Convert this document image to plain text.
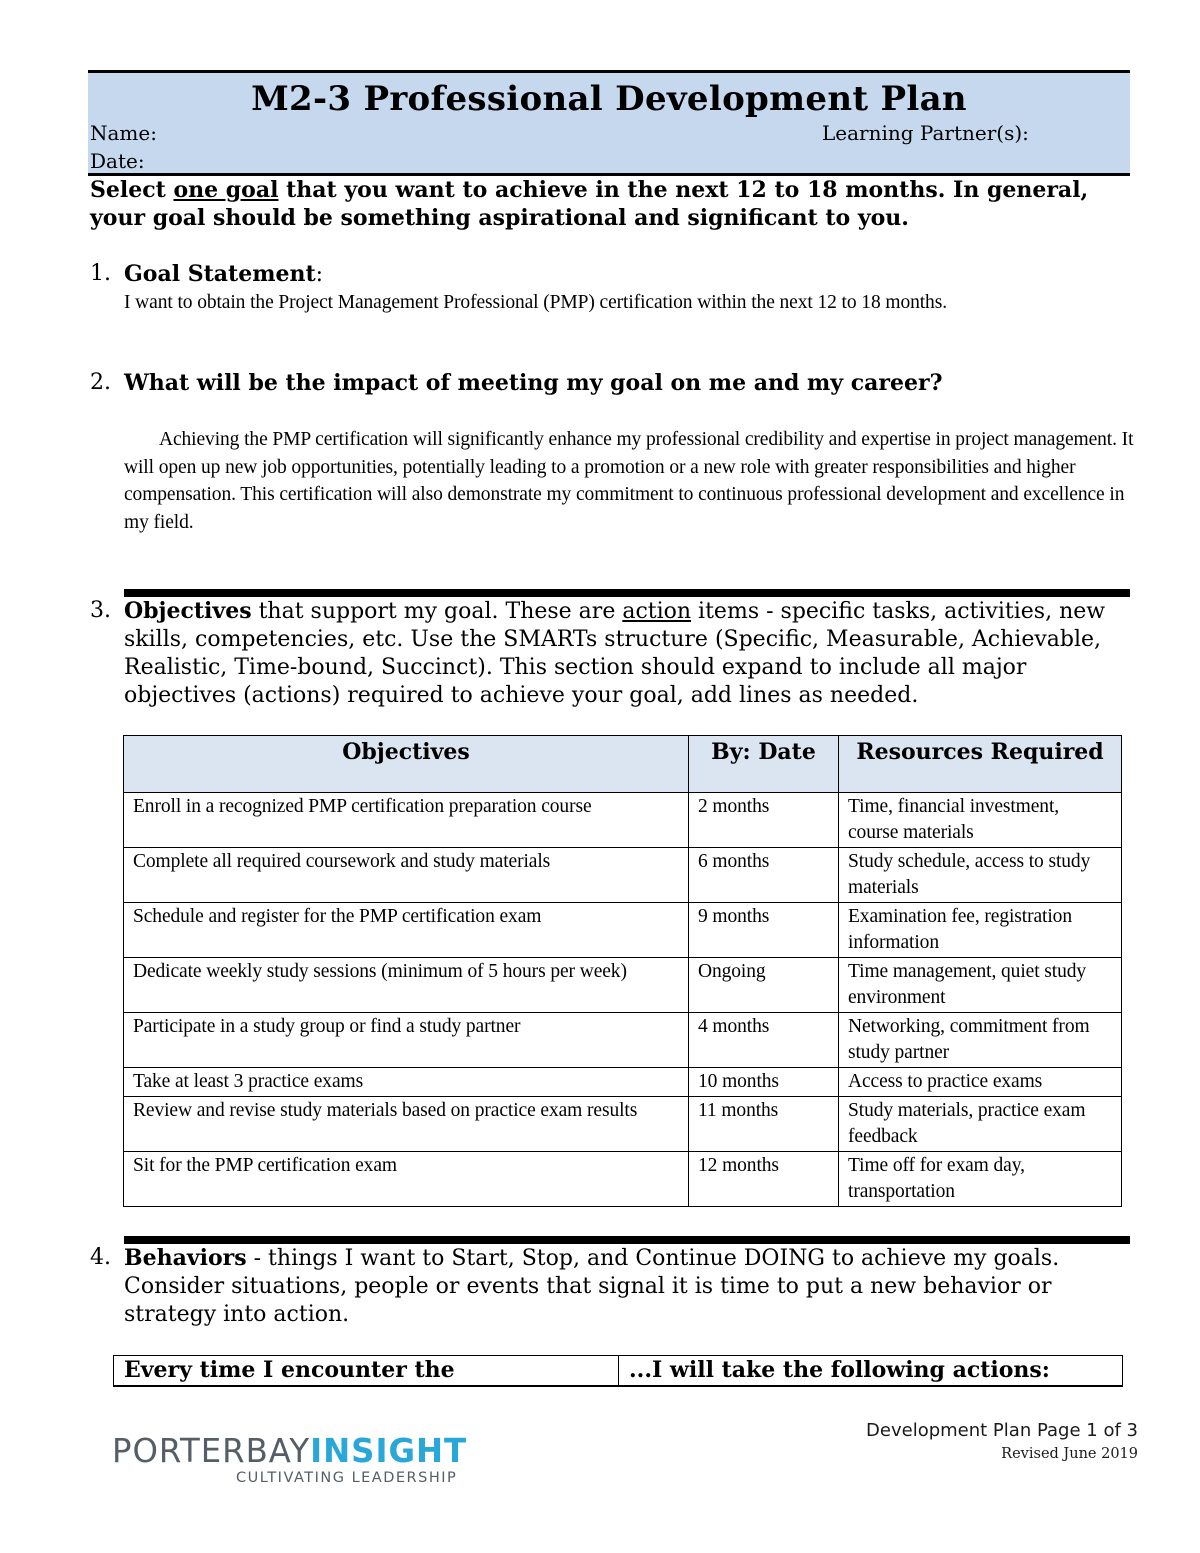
M2-3 Professional Development Plan
Name:	Learning Partner(s):
Date:
Select one goal that you want to achieve in the next 12 to 18 months. In general, your goal should be something aspirational and significant to you.
1. Goal Statement:
I want to obtain the Project Management Professional (PMP) certification within the next 12 to 18 months.
2. What will be the impact of meeting my goal on me and my career?
Achieving the PMP certification will significantly enhance my professional credibility and expertise in project management. It will open up new job opportunities, potentially leading to a promotion or a new role with greater responsibilities and higher compensation. This certification will also demonstrate my commitment to continuous professional development and excellence in my field.
3. Objectives that support my goal. These are action items - specific tasks, activities, new skills, competencies, etc. Use the SMARTs structure (Specific, Measurable, Achievable, Realistic, Time-bound, Succinct). This section should expand to include all major objectives (actions) required to achieve your goal, add lines as needed.
Objectives	By: Date	Resources Required
Enroll in a recognized PMP certification preparation course	2 months	Time, financial investment, course materials
Complete all required coursework and study materials	6 months	Study schedule, access to study materials
Schedule and register for the PMP certification exam	9 months	Examination fee, registration information
Dedicate weekly study sessions (minimum of 5 hours per week)	Ongoing	Time management, quiet study environment
Participate in a study group or find a study partner	4 months	Networking, commitment from study partner
Take at least 3 practice exams	10 months	Access to practice exams
Review and revise study materials based on practice exam results	11 months	Study materials, practice exam feedback
Sit for the PMP certification exam	12 months	Time off for exam day, transportation
4. Behaviors - things I want to Start, Stop, and Continue DOING to achieve my goals. Consider situations, people or events that signal it is time to put a new behavior or strategy into action.
Every time I encounter the	...I will take the following actions:
PORTERBAYINSIGHT
CULTIVATING LEADERSHIP
Development Plan Page 1 of 3
Revised June 2019
